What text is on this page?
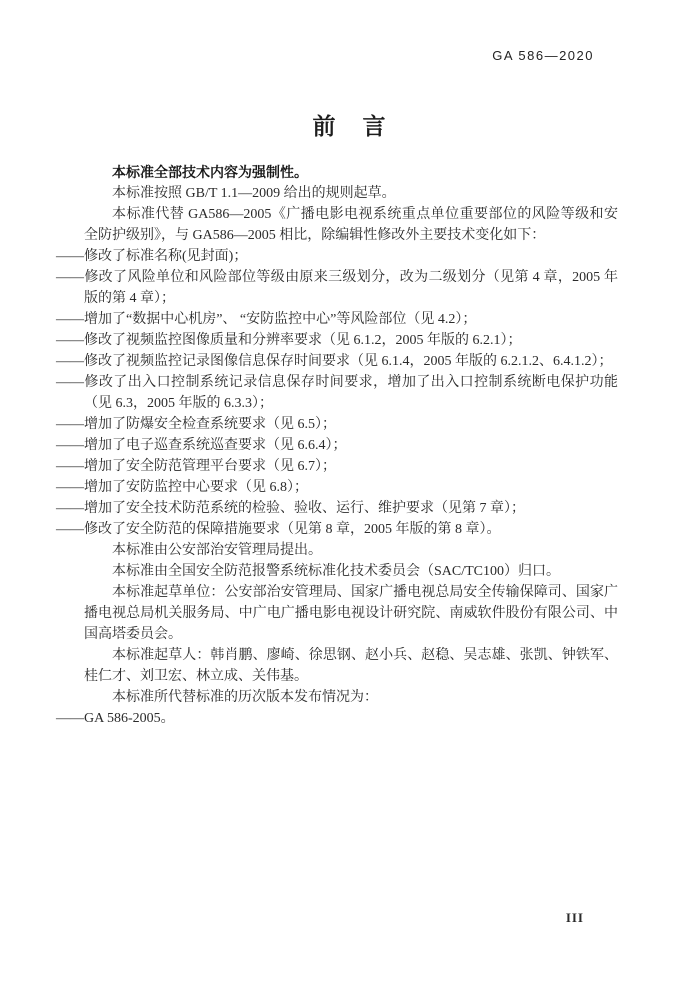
GA 586—2020
前　言

本标准全部技术内容为强制性。

本标准按照 GB/T 1.1—2009 给出的规则起草。

本标准代替 GA586—2005《广播电影电视系统重点单位重要部位的风险等级和安全防护级别》，与 GA586—2005 相比，除编辑性修改外主要技术变化如下：

——修改了标准名称(见封面)；

——修改了风险单位和风险部位等级由原来三级划分，改为二级划分（见第 4 章，2005 年版的第 4 章）；

——增加了“数据中心机房”、 “安防监控中心”等风险部位（见 4.2）；

——修改了视频监控图像质量和分辨率要求（见 6.1.2，2005 年版的 6.2.1）；

——修改了视频监控记录图像信息保存时间要求（见 6.1.4，2005 年版的 6.2.1.2、6.4.1.2）；

——修改了出入口控制系统记录信息保存时间要求，增加了出入口控制系统断电保护功能（见 6.3，2005 年版的 6.3.3）；

——增加了防爆安全检查系统要求（见 6.5）；

——增加了电子巡查系统巡查要求（见 6.6.4）；

——增加了安全防范管理平台要求（见 6.7）；

——增加了安防监控中心要求（见 6.8）；

——增加了安全技术防范系统的检验、验收、运行、维护要求（见第 7 章）；

——修改了安全防范的保障措施要求（见第 8 章，2005 年版的第 8 章）。

本标准由公安部治安管理局提出。

本标准由全国安全防范报警系统标准化技术委员会（SAC/TC100）归口。

本标准起草单位：公安部治安管理局、国家广播电视总局安全传输保障司、国家广播电视总局机关服务局、中广电广播电影电视设计研究院、南威软件股份有限公司、中国高塔委员会。

本标准起草人：韩肖鹏、廖崎、徐思钢、赵小兵、赵稳、吴志雄、张凯、钟铁军、桂仁才、刘卫宏、林立成、关伟基。

本标准所代替标准的历次版本发布情况为：

——GA 586-2005。

III
